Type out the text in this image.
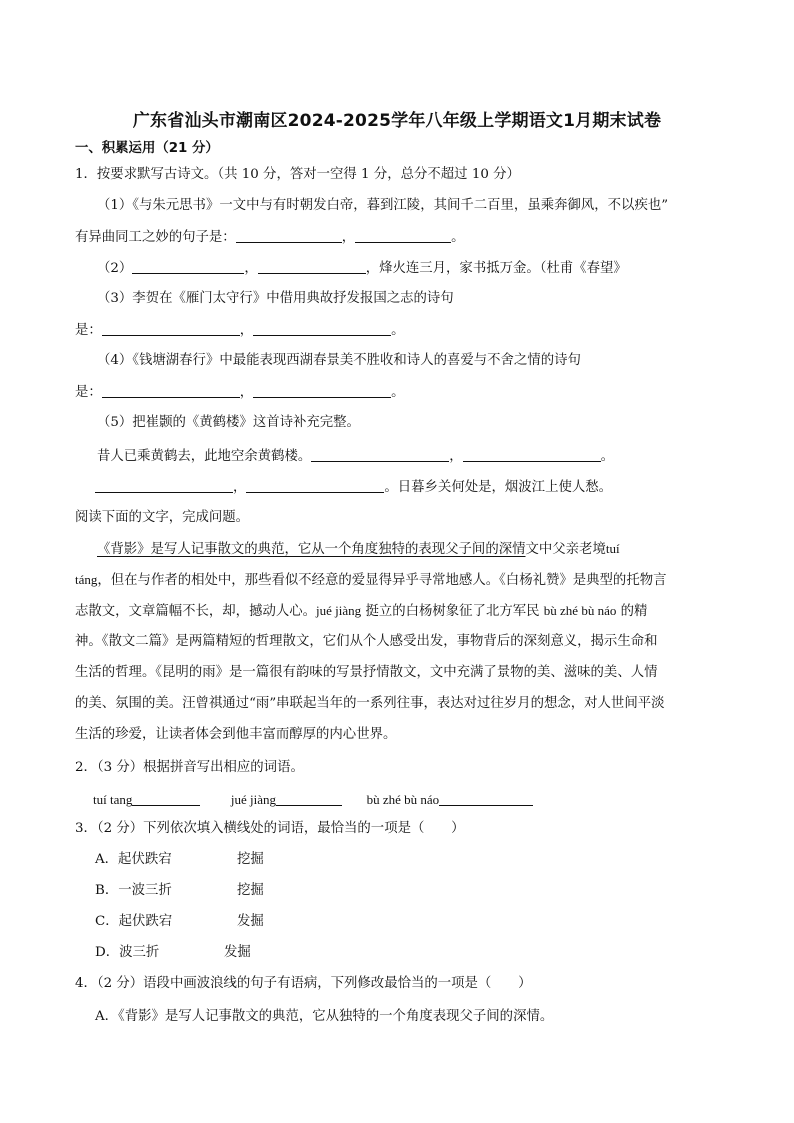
广东省汕头市潮南区2024-2025学年八年级上学期语文1月期末试卷
一、积累运用（21 分）
1．按要求默写古诗文。（共 10 分，答对一空得 1 分，总分不超过 10 分）
（1）《与朱元思书》一文中与有时朝发白帝，暮到江陵，其间千二百里，虽乘奔御风，不以疾也”
有异曲同工之妙的句子是：	，	。
（2）	，	，烽火连三月，家书抵万金。（杜甫《春望》
（3）李贺在《雁门太守行》中借用典故抒发报国之志的诗句
是：	，	。
（4）《钱塘湖春行》中最能表现西湖春景美不胜收和诗人的喜爱与不舍之情的诗句
是：	，	。
（5）把崔颢的《黄鹤楼》这首诗补充完整。
昔人已乘黄鹤去，此地空余黄鹤楼。	，	。
，	。日暮乡关何处是，烟波江上使人愁。
阅读下面的文字，完成问题。
《背影》是写人记事散文的典范，它从一个角度独特的表现父子间的深情文中父亲老境tuí
táng，但在与作者的相处中，那些看似不经意的爱显得异乎寻常地感人。《白杨礼赞》是典型的托物言
志散文，文章篇幅不长，却，撼动人心。jué jiàng 挺立的白杨树象征了北方军民 bù zhé bù náo 的精
神。《散文二篇》是两篇精短的哲理散文，它们从个人感受出发，事物背后的深刻意义，揭示生命和
生活的哲理。《昆明的雨》是一篇很有韵味的写景抒情散文，文中充满了景物的美、滋味的美、人情
的美、氛围的美。汪曾祺通过“雨”串联起当年的一系列往事，表达对过往岁月的想念，对人世间平淡
生活的珍爱，让读者体会到他丰富而醇厚的内心世界。
2．（3 分）根据拼音写出相应的词语。
tuí tang	jué jiàng	bù zhé bù náo
3．（2 分）下列依次填入横线处的词语，最恰当的一项是（　　）
A．起伏跌宕	挖掘
B．一波三折	挖掘
C．起伏跌宕	发掘
D．波三折	发掘
4．（2 分）语段中画波浪线的句子有语病，下列修改最恰当的一项是（　　）
A．《背影》是写人记事散文的典范，它从独特的一个角度表现父子间的深情。
